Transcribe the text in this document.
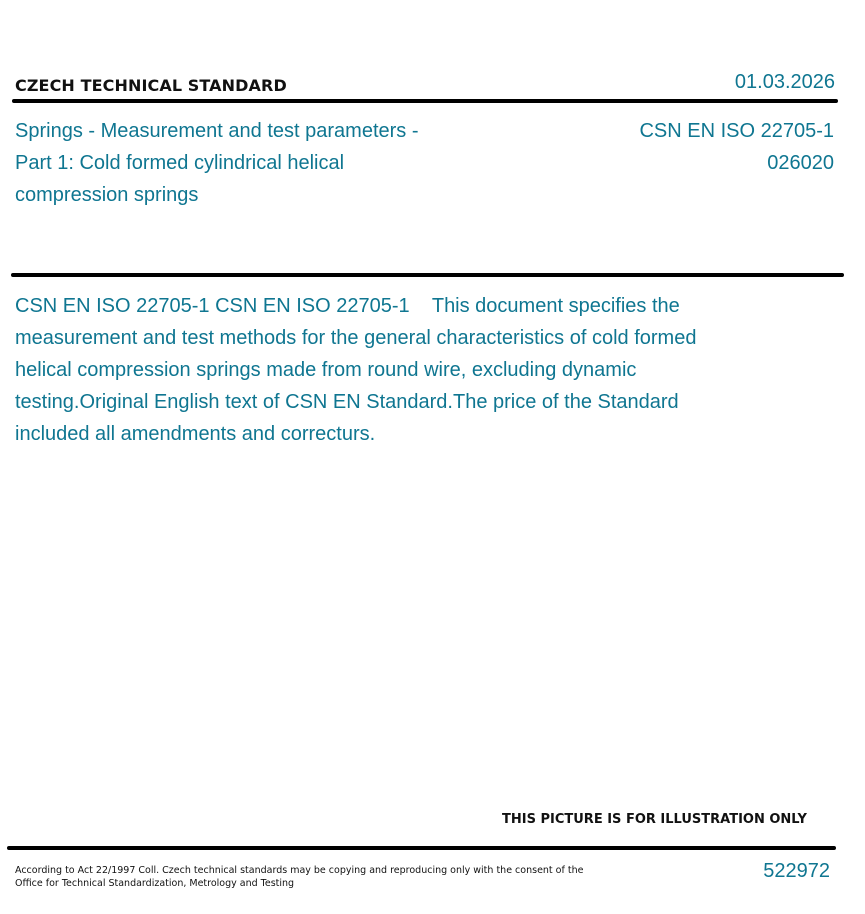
CZECH TECHNICAL STANDARD	01.03.2026
Springs - Measurement and test parameters - Part 1: Cold formed cylindrical helical compression springs
CSN EN ISO 22705-1
026020
CSN EN ISO 22705-1 CSN EN ISO 22705-1    This document specifies the measurement and test methods for the general characteristics of cold formed helical compression springs made from round wire, excluding dynamic testing.Original English text of CSN EN Standard.The price of the Standard included all amendments and correcturs.
THIS PICTURE IS FOR ILLUSTRATION ONLY
According to Act 22/1997 Coll. Czech technical standards may be copying and reproducing only with the consent of the Office for Technical Standardization, Metrology and Testing
522972
